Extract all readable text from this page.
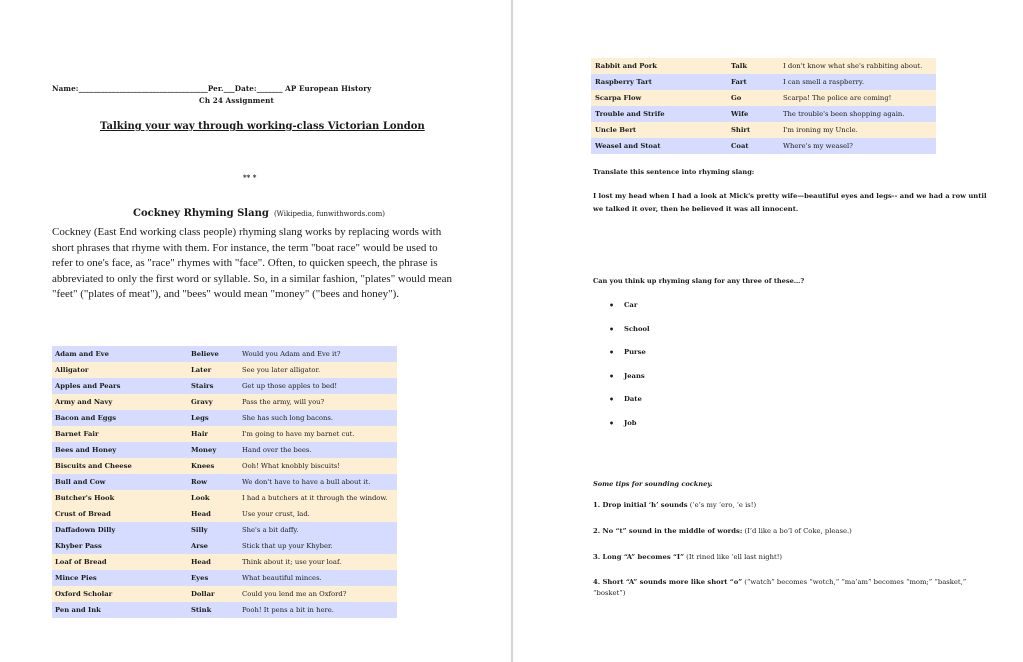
Name:___________________________________Per.___Date:_______ AP European History
Ch 24 Assignment
Talking your way through working-class Victorian London
** *
Cockney Rhyming Slang (Wikipedia, funwithwords.com)
Cockney (East End working class people) rhyming slang works by replacing words with short phrases that rhyme with them. For instance, the term "boat race" would be used to refer to one's face, as "race" rhymes with "face". Often, to quicken speech, the phrase is abbreviated to only the first word or syllable. So, in a similar fashion, "plates" would mean "feet" ("plates of meat"), and "bees" would mean "money" ("bees and honey").
Adam and Eve	Believe	Would you Adam and Eve it?
Alligator	Later	See you later alligator.
Apples and Pears	Stairs	Get up those apples to bed!
Army and Navy	Gravy	Pass the army, will you?
Bacon and Eggs	Legs	She has such long bacons.
Barnet Fair	Hair	I'm going to have my barnet cut.
Bees and Honey	Money	Hand over the bees.
Biscuits and Cheese	Knees	Ooh! What knobbly biscuits!
Bull and Cow	Row	We don't have to have a bull about it.
Butcher's Hook	Look	I had a butchers at it through the window.
Crust of Bread	Head	Use your crust, lad.
Daffadown Dilly	Silly	She's a bit daffy.
Khyber Pass	Arse	Stick that up your Khyber.
Loaf of Bread	Head	Think about it; use your loaf.
Mince Pies	Eyes	What beautiful minces.
Oxford Scholar	Dollar	Could you lend me an Oxford?
Pen and Ink	Stink	Pooh! It pens a bit in here.
Rabbit and Pork	Talk	I don't know what she's rabbiting about.
Raspberry Tart	Fart	I can smell a raspberry.
Scarpa Flow	Go	Scarpa! The police are coming!
Trouble and Strife	Wife	The trouble's been shopping again.
Uncle Bert	Shirt	I'm ironing my Uncle.
Weasel and Stoat	Coat	Where's my weasel?
Translate this sentence into rhyming slang:
I lost my head when I had a look at Mick's pretty wife—beautiful eyes and legs-- and we had a row until we talked it over, then he believed it was all innocent.
Can you think up rhyming slang for any three of these…?
• Car
• School
• Purse
• Jeans
• Date
• Job
Some tips for sounding cockney.
1. Drop initial ‘h’ sounds (‘e’s my ‘ero, ‘e is!)
2. No “t” sound in the middle of words: (I’d like a bo’l of Coke, please.)
3. Long “A” becomes “I” (It rined like ‘ell last night!)
4. Short “A” sounds more like short “o” (“watch” becomes “wotch,” “ma’am” becomes “mom;” “basket,” “bosket”)
